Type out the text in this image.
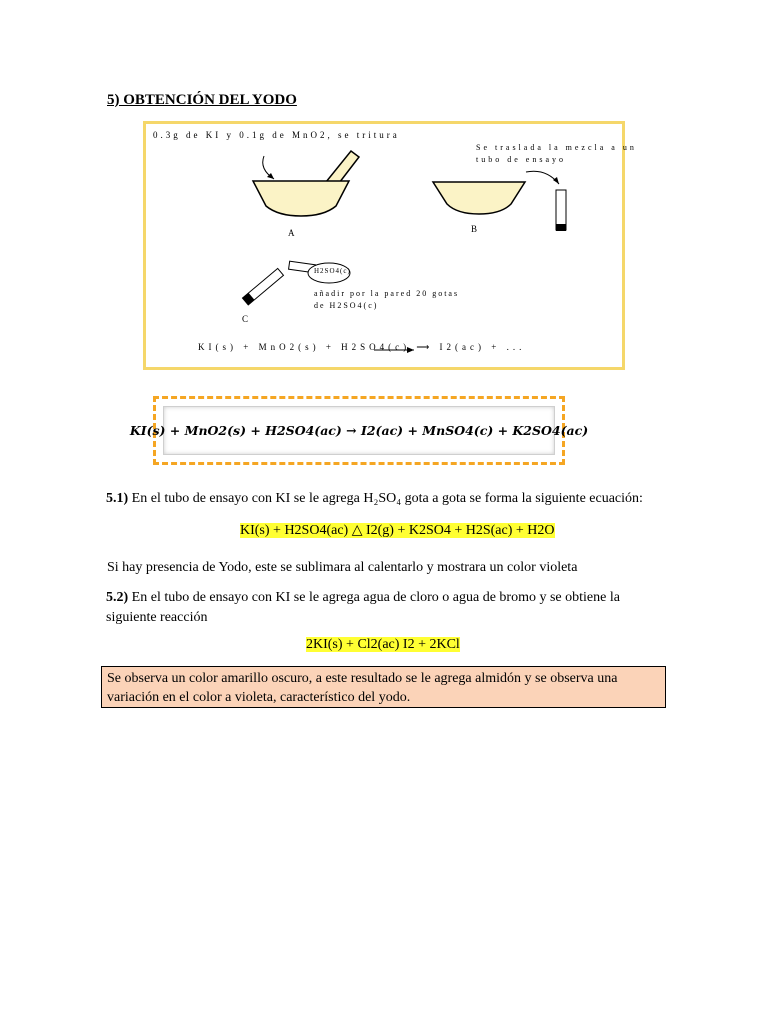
5) OBTENCIÓN DEL YODO
0.3g de KI y 0.1g de MnO2, se tritura
Se traslada la mezcla a un
tubo de ensayo
A	B
C
H2SO4(c)
añadir por la pared 20 gotas
de H2SO4(c)
KI(s) + MnO2(s) + H2SO4(c) ⟶ I2(ac) + ...
KI(s) + MnO2(s) + H2SO4(ac) → I2(ac) + MnSO4(c) + K2SO4(ac)
5.1) En el tubo de ensayo con KI se le agrega H₂SO₄ gota a gota se forma la siguiente ecuación:
KI(s) + H2SO4(ac) △ I2(g) + K2SO4 + H2S(ac) + H2O
Si hay presencia de Yodo, este se sublimara al calentarlo y mostrara un color violeta
5.2) En el tubo de ensayo con KI se le agrega agua de cloro o agua de bromo y se obtiene la siguiente reacción
2KI(s) + Cl2(ac) I2 + 2KCl
Se observa un color amarillo oscuro, a este resultado se le agrega almidón y se observa una variación en el color a violeta, característico del yodo.
